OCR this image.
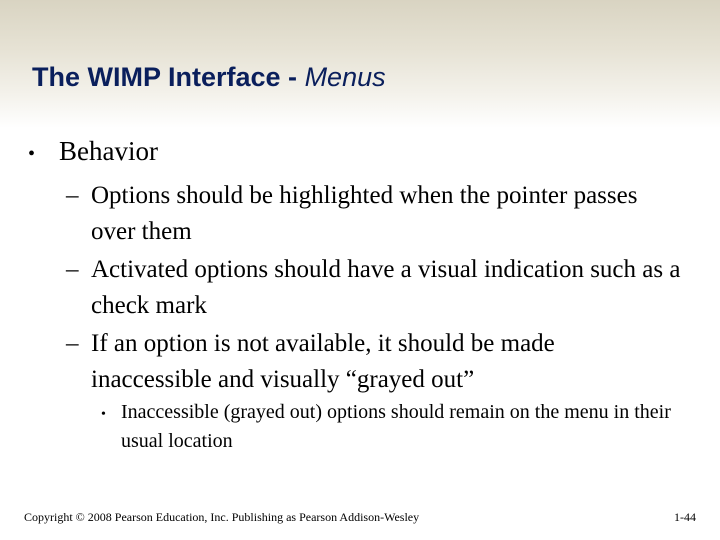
The WIMP Interface - Menus
• Behavior
– Options should be highlighted when the pointer passes over them
– Activated options should have a visual indication such as a check mark
– If an option is not available, it should be made inaccessible and visually “grayed out”
• Inaccessible (grayed out) options should remain on the menu in their usual location
Copyright © 2008 Pearson Education, Inc. Publishing as Pearson Addison-Wesley	1-44
